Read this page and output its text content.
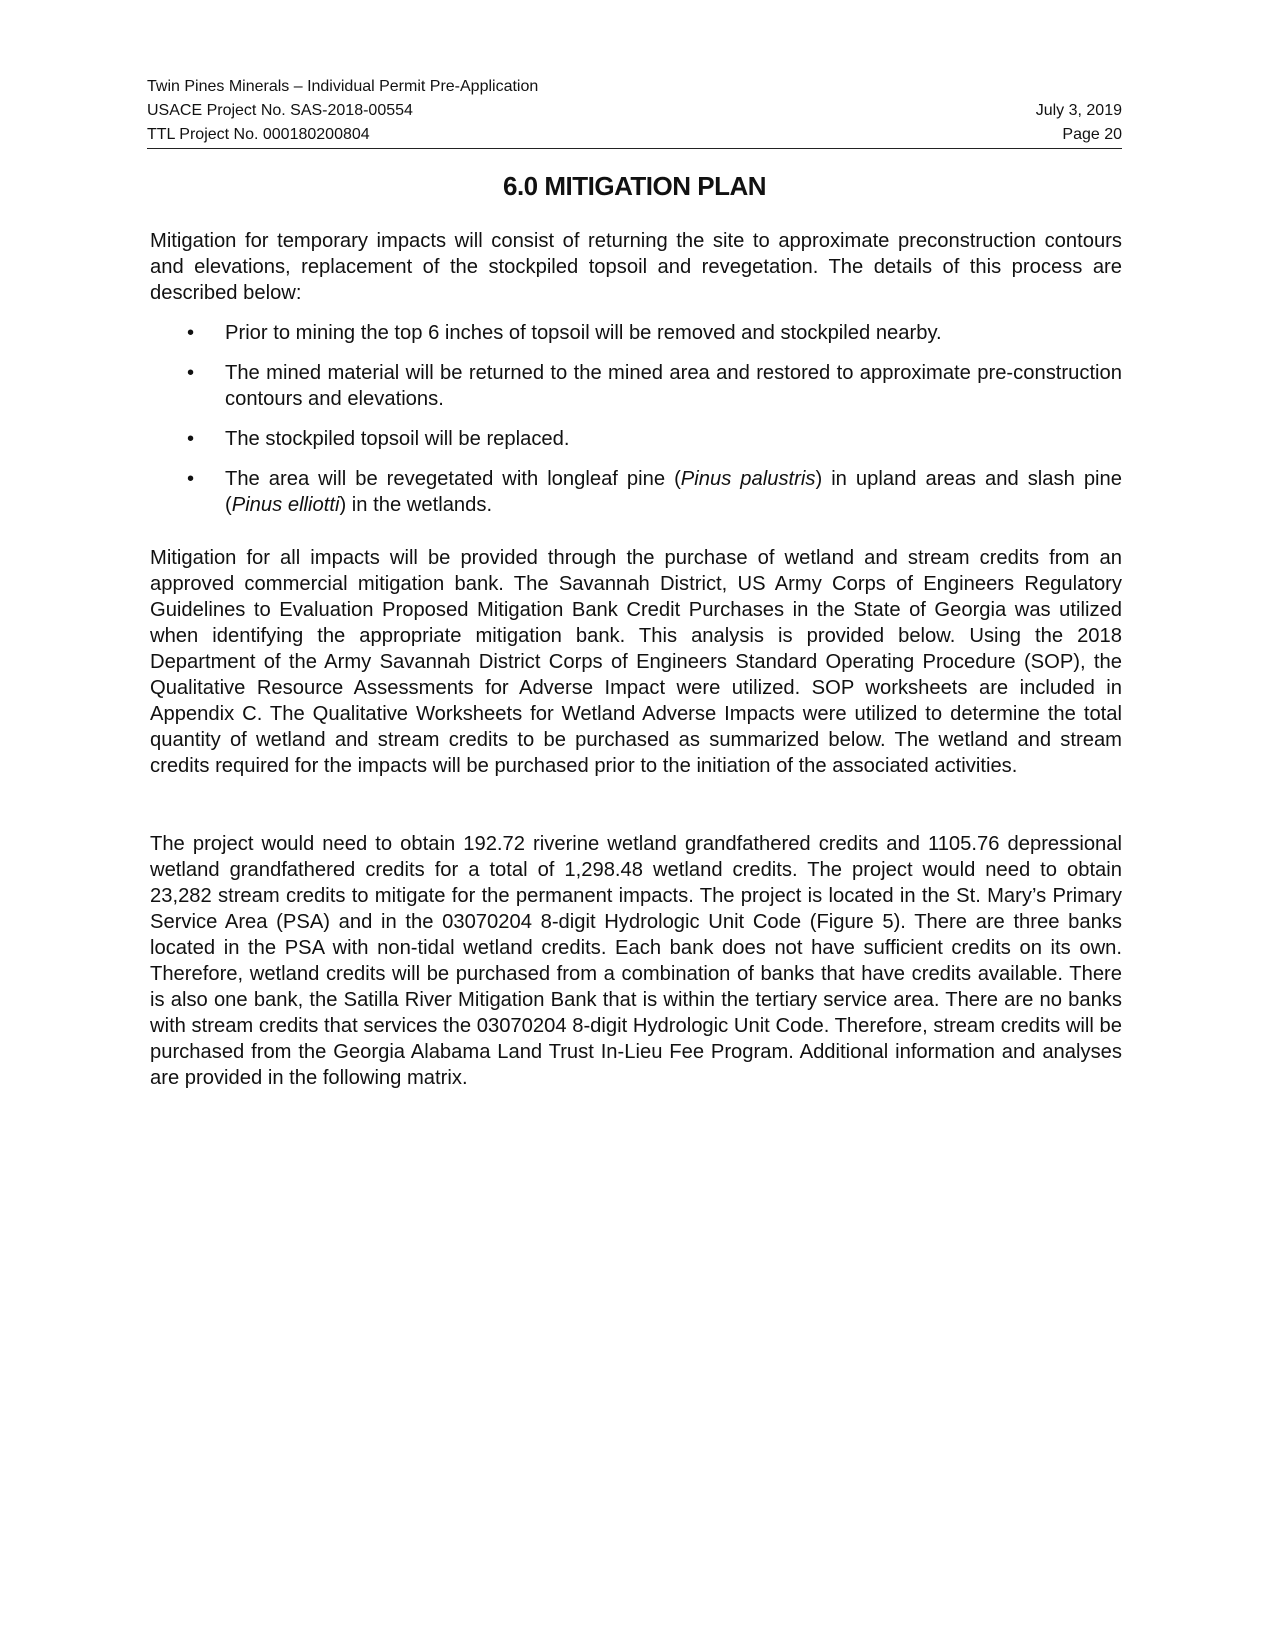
Twin Pines Minerals – Individual Permit Pre-Application
USACE Project No. SAS-2018-00554	July 3, 2019
TTL Project No. 000180200804	Page 20
6.0 MITIGATION PLAN

Mitigation for temporary impacts will consist of returning the site to approximate preconstruction contours and elevations, replacement of the stockpiled topsoil and revegetation. The details of this process are described below:

• Prior to mining the top 6 inches of topsoil will be removed and stockpiled nearby.
• The mined material will be returned to the mined area and restored to approximate pre-construction contours and elevations.
• The stockpiled topsoil will be replaced.
• The area will be revegetated with longleaf pine (Pinus palustris) in upland areas and slash pine (Pinus elliotti) in the wetlands.

Mitigation for all impacts will be provided through the purchase of wetland and stream credits from an approved commercial mitigation bank. The Savannah District, US Army Corps of Engineers Regulatory Guidelines to Evaluation Proposed Mitigation Bank Credit Purchases in the State of Georgia was utilized when identifying the appropriate mitigation bank. This analysis is provided below. Using the 2018 Department of the Army Savannah District Corps of Engineers Standard Operating Procedure (SOP), the Qualitative Resource Assessments for Adverse Impact were utilized. SOP worksheets are included in Appendix C. The Qualitative Worksheets for Wetland Adverse Impacts were utilized to determine the total quantity of wetland and stream credits to be purchased as summarized below. The wetland and stream credits required for the impacts will be purchased prior to the initiation of the associated activities.

The project would need to obtain 192.72 riverine wetland grandfathered credits and 1105.76 depressional wetland grandfathered credits for a total of 1,298.48 wetland credits. The project would need to obtain 23,282 stream credits to mitigate for the permanent impacts. The project is located in the St. Mary’s Primary Service Area (PSA) and in the 03070204 8-digit Hydrologic Unit Code (Figure 5). There are three banks located in the PSA with non-tidal wetland credits. Each bank does not have sufficient credits on its own. Therefore, wetland credits will be purchased from a combination of banks that have credits available. There is also one bank, the Satilla River Mitigation Bank that is within the tertiary service area. There are no banks with stream credits that services the 03070204 8-digit Hydrologic Unit Code. Therefore, stream credits will be purchased from the Georgia Alabama Land Trust In-Lieu Fee Program. Additional information and analyses are provided in the following matrix.
